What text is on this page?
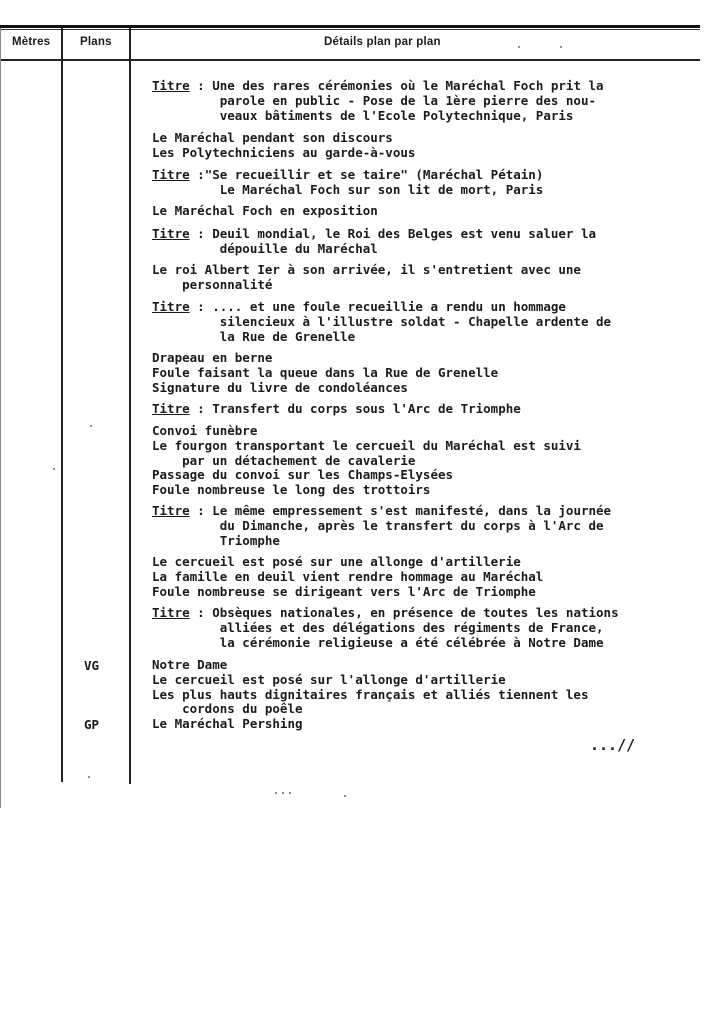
Mètres	Plans	Détails plan par plan
Titre : Une des rares cérémonies où le Maréchal Foch prit la
parole en public - Pose de la 1ère pierre des nou-
veaux bâtiments de l'Ecole Polytechnique, Paris
Le Maréchal pendant son discours
Les Polytechniciens au garde-à-vous
Titre :"Se recueillir et se taire" (Maréchal Pétain)
Le Maréchal Foch sur son lit de mort, Paris
Le Maréchal Foch en exposition
Titre : Deuil mondial, le Roi des Belges est venu saluer la
dépouille du Maréchal
Le roi Albert Ier à son arrivée, il s'entretient avec une
personnalité
Titre : .... et une foule recueillie a rendu un hommage
silencieux à l'illustre soldat - Chapelle ardente de
la Rue de Grenelle
Drapeau en berne
Foule faisant la queue dans la Rue de Grenelle
Signature du livre de condoléances
Titre : Transfert du corps sous l'Arc de Triomphe
Convoi funèbre
Le fourgon transportant le cercueil du Maréchal est suivi
par un détachement de cavalerie
Passage du convoi sur les Champs-Elysées
Foule nombreuse le long des trottoirs
Titre : Le même empressement s'est manifesté, dans la journée
du Dimanche, après le transfert du corps à l'Arc de
Triomphe
Le cercueil est posé sur une allonge d'artillerie
La famille en deuil vient rendre hommage au Maréchal
Foule nombreuse se dirigeant vers l'Arc de Triomphe
Titre : Obsèques nationales, en présence de toutes les nations
alliées et des délégations des régiments de France,
la cérémonie religieuse a été célébrée à Notre Dame
Notre Dame
Le cercueil est posé sur l'allonge d'artillerie
Les plus hauts dignitaires français et alliés tiennent les
cordons du poêle
Le Maréchal Pershing
VG
GP
...//
